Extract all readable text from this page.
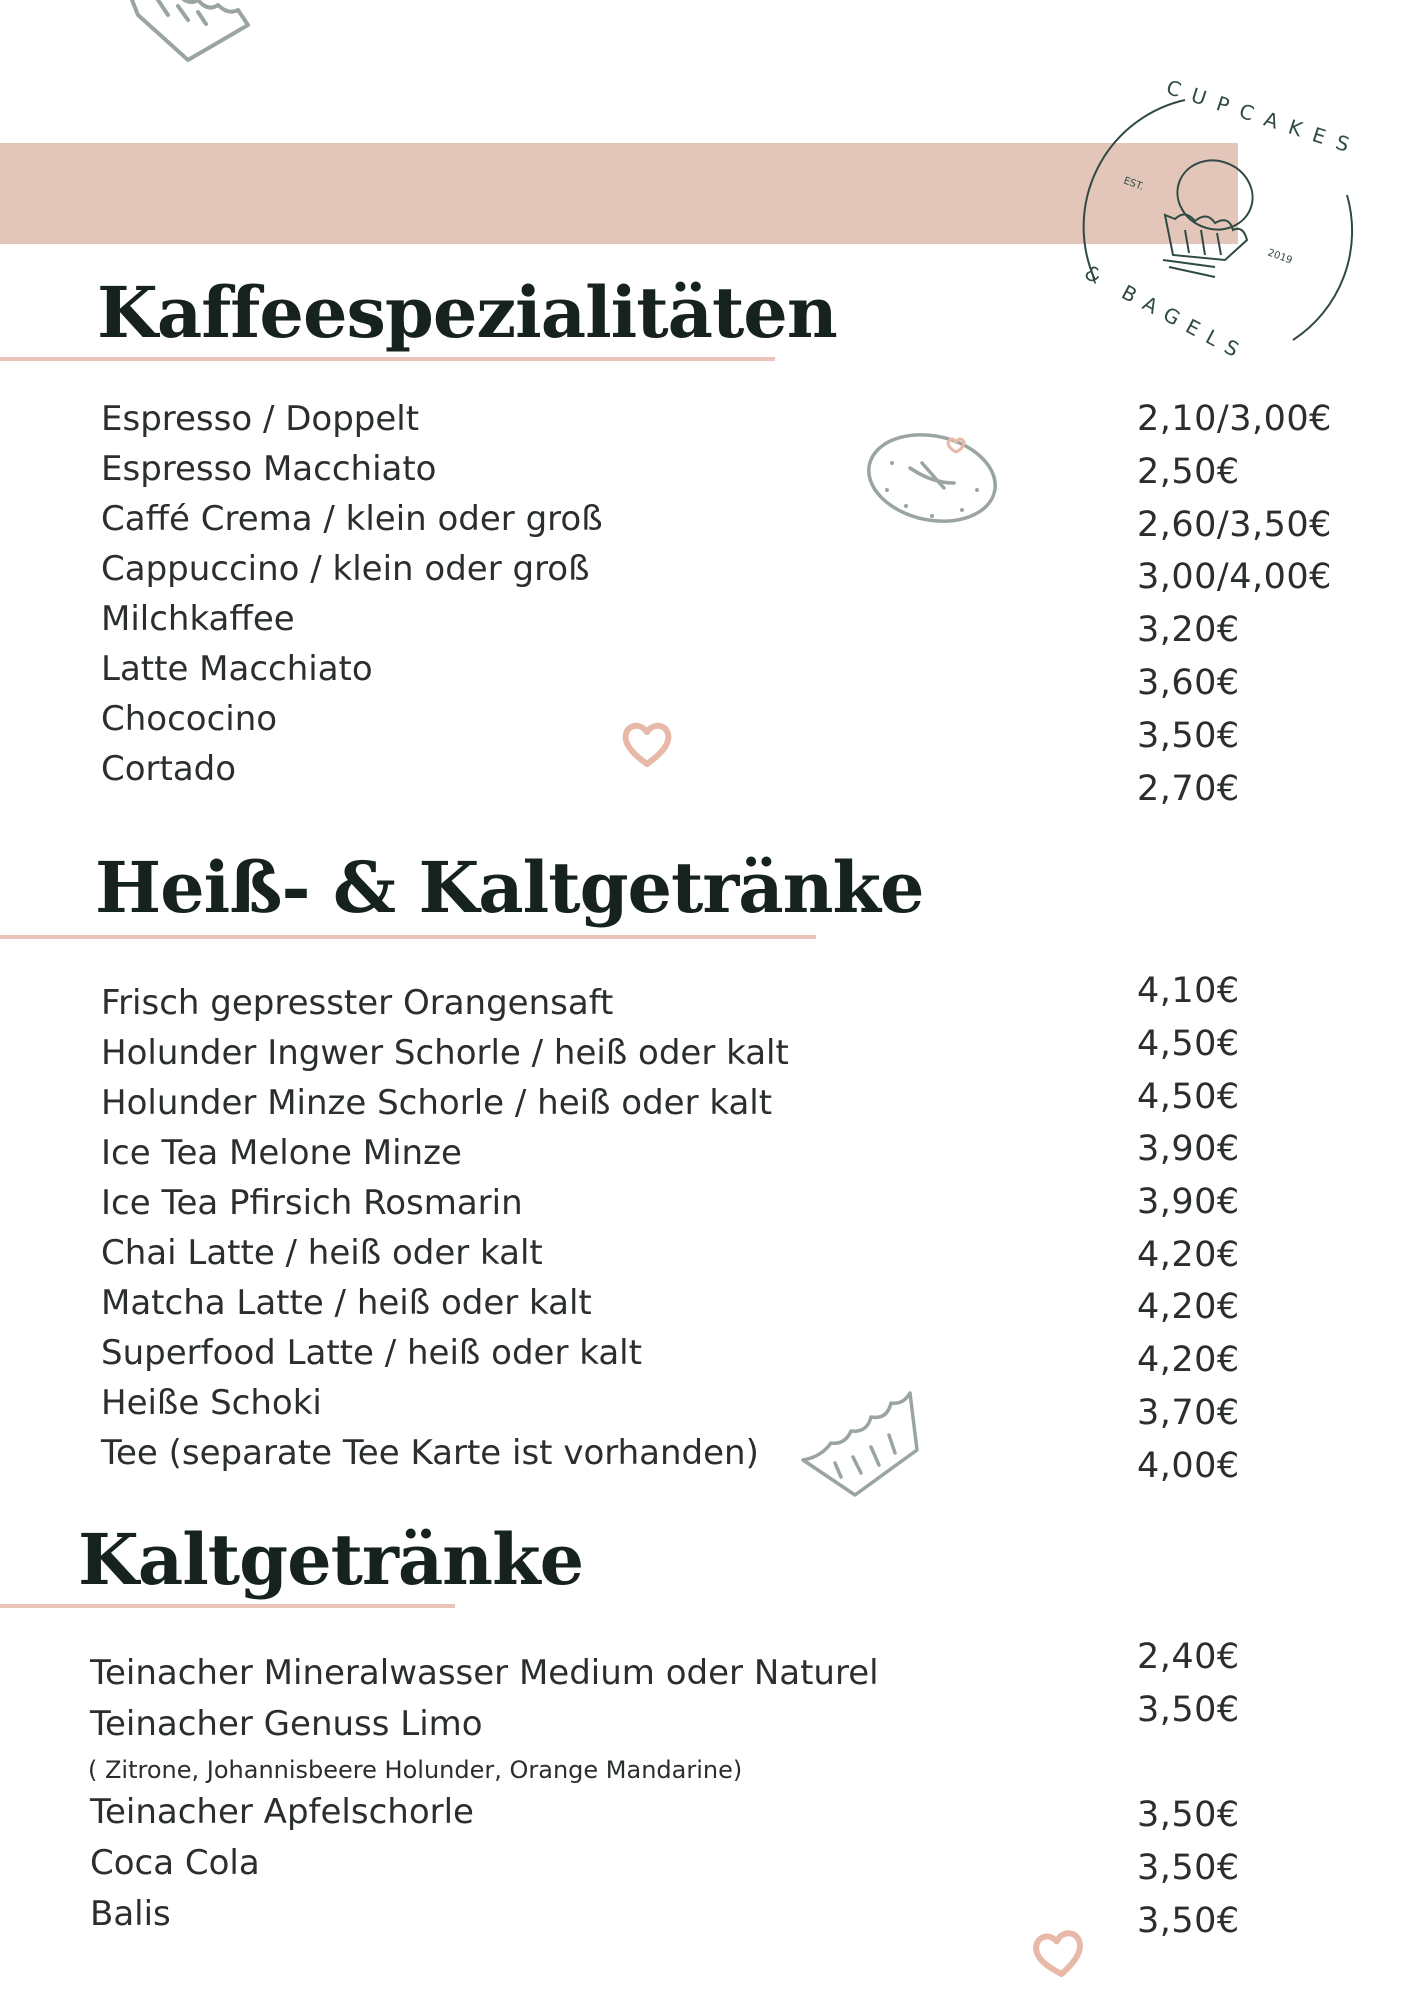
EST.
2019
CUPCAKES
& BAGELS
Kaffeespezialitäten
Espresso / Doppelt
Espresso Macchiato
Caffé Crema / klein oder groß
Cappuccino / klein oder groß
Milchkaffee
Latte Macchiato
Chococino
Cortado
2,10/3,00€
2,50€
2,60/3,50€
3,00/4,00€
3,20€
3,60€
3,50€
2,70€
Heiß- & Kaltgetränke
Frisch gepresster Orangensaft
Holunder Ingwer Schorle / heiß oder kalt
Holunder Minze Schorle / heiß oder kalt
Ice Tea Melone Minze
Ice Tea Pfirsich Rosmarin
Chai Latte / heiß oder kalt
Matcha Latte / heiß oder kalt
Superfood Latte / heiß oder kalt
Heiße Schoki
Tee (separate Tee Karte ist vorhanden)
4,10€
4,50€
4,50€
3,90€
3,90€
4,20€
4,20€
4,20€
3,70€
4,00€
Kaltgetränke
Teinacher Mineralwasser Medium oder Naturel
Teinacher Genuss Limo
( Zitrone, Johannisbeere Holunder, Orange Mandarine)
Teinacher Apfelschorle
Coca Cola
Balis
2,40€
3,50€
3,50€
3,50€
3,50€
